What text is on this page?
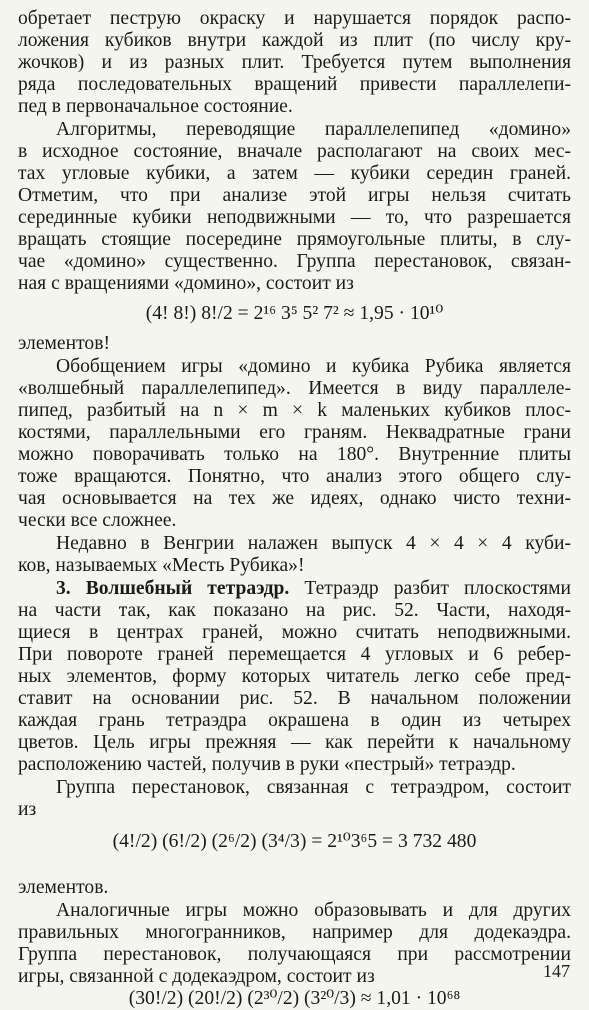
обретает пеструю окраску и нарушается порядок распо-
ложения кубиков внутри каждой из плит (по числу кру-
жочков) и из разных плит. Требуется путем выполнения
ряда последовательных вращений привести параллелепи-
пед в первоначальное состояние.
Алгоритмы, переводящие параллелепипед «домино»
в исходное состояние, вначале располагают на своих мес-
тах угловые кубики, а затем — кубики середин граней.
Отметим, что при анализе этой игры нельзя считать
серединные кубики неподвижными — то, что разрешается
вращать стоящие посередине прямоугольные плиты, в слу-
чае «домино» существенно. Группа перестановок, связан-
ная с вращениями «домино», состоит из
(4! 8!) 8!/2 = 2¹⁶ 3⁵ 5² 7² ≈ 1,95 · 10¹⁰
элементов!
Обобщением игры «домино и кубика Рубика является
«волшебный параллелепипед». Имеется в виду параллеле-
пипед, разбитый на n × m × k маленьких кубиков плос-
костями, параллельными его граням. Неквадратные грани
можно поворачивать только на 180°. Внутренние плиты
тоже вращаются. Понятно, что анализ этого общего слу-
чая основывается на тех же идеях, однако чисто техни-
чески все сложнее.
Недавно в Венгрии налажен выпуск 4 × 4 × 4 куби-
ков, называемых «Месть Рубика»!
3. Волшебный тетраэдр. Тетраэдр разбит плоскостями
на части так, как показано на рис. 52. Части, находя-
щиеся в центрах граней, можно считать неподвижными.
При повороте граней перемещается 4 угловых и 6 ребер-
ных элементов, форму которых читатель легко себе пред-
ставит на основании рис. 52. В начальном положении
каждая грань тетраэдра окрашена в один из четырех
цветов. Цель игры прежняя — как перейти к начальному
расположению частей, получив в руки «пестрый» тетраэдр.
Группа перестановок, связанная с тетраэдром, состоит
из
(4!/2) (6!/2) (2⁶/2) (3⁴/3) = 2¹⁰3⁶5 = 3 732 480
элементов.
Аналогичные игры можно образовывать и для других
правильных многогранников, например для додекаэдра.
Группа перестановок, получающаяся при рассмотрении
игры, связанной с додекаэдром, состоит из
(30!/2) (20!/2) (2³⁰/2) (3²⁰/3) ≈ 1,01 · 10⁶⁸
147
